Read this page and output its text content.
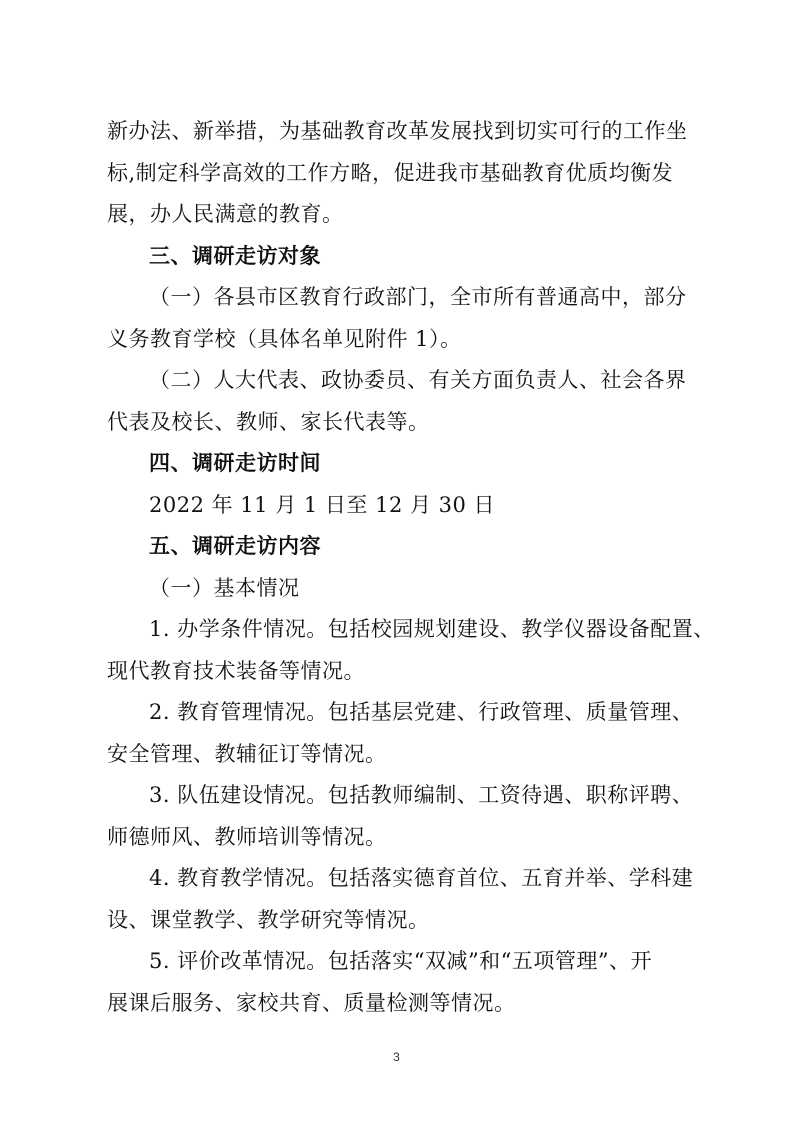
新办法、新举措，为基础教育改革发展找到切实可行的工作坐
标,制定科学高效的工作方略，促进我市基础教育优质均衡发
展，办人民满意的教育。
三、调研走访对象
（一）各县市区教育行政部门，全市所有普通高中，部分
义务教育学校（具体名单见附件 1）。
（二）人大代表、政协委员、有关方面负责人、社会各界
代表及校长、教师、家长代表等。
四、调研走访时间
2022 年 11 月 1 日至 12 月 30 日
五、调研走访内容
（一）基本情况
1. 办学条件情况。包括校园规划建设、教学仪器设备配置、
现代教育技术装备等情况。
2. 教育管理情况。包括基层党建、行政管理、质量管理、
安全管理、教辅征订等情况。
3. 队伍建设情况。包括教师编制、工资待遇、职称评聘、
师德师风、教师培训等情况。
4. 教育教学情况。包括落实德育首位、五育并举、学科建
设、课堂教学、教学研究等情况。
5. 评价改革情况。包括落实“双减”和“五项管理”、开
展课后服务、家校共育、质量检测等情况。
3
